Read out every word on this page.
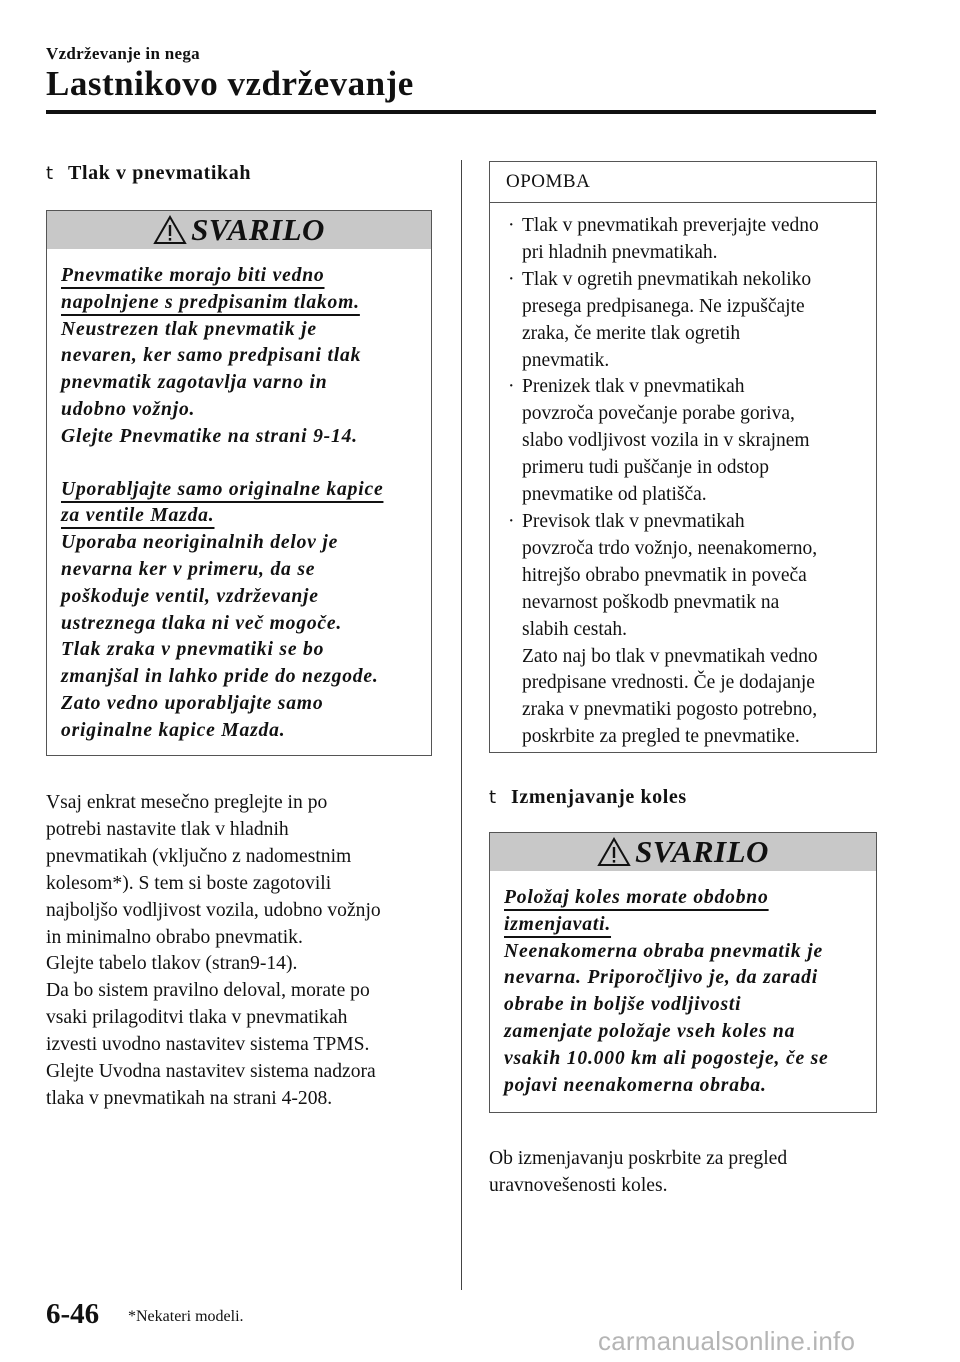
Vzdrževanje in nega
Lastnikovo vzdrževanje
t Tlak v pnevmatikah
SVARILO
Pnevmatike morajo biti vedno
napolnjene s predpisanim tlakom.
Neustrezen tlak pnevmatik je
nevaren, ker samo predpisani tlak
pnevmatik zagotavlja varno in
udobno vožnjo.
Glejte Pnevmatike na strani 9-14.
Uporabljajte samo originalne kapice
za ventile Mazda.
Uporaba neoriginalnih delov je
nevarna ker v primeru, da se
poškoduje ventil, vzdrževanje
ustreznega tlaka ni več mogoče.
Tlak zraka v pnevmatiki se bo
zmanjšal in lahko pride do nezgode.
Zato vedno uporabljajte samo
originalne kapice Mazda.
Vsaj enkrat mesečno preglejte in po
potrebi nastavite tlak v hladnih
pnevmatikah (vključno z nadomestnim
kolesom*). S tem si boste zagotovili
najboljšo vodljivost vozila, udobno vožnjo
in minimalno obrabo pnevmatik.
Glejte tabelo tlakov (stran9-14).
Da bo sistem pravilno deloval, morate po
vsaki prilagoditvi tlaka v pnevmatikah
izvesti uvodno nastavitev sistema TPMS.
Glejte Uvodna nastavitev sistema nadzora
tlaka v pnevmatikah na strani 4-208.
OPOMBA
· Tlak v pnevmatikah preverjajte vedno
pri hladnih pnevmatikah.
· Tlak v ogretih pnevmatikah nekoliko
presega predpisanega. Ne izpuščajte
zraka, če merite tlak ogretih
pnevmatik.
· Prenizek tlak v pnevmatikah
povzroča povečanje porabe goriva,
slabo vodljivost vozila in v skrajnem
primeru tudi puščanje in odstop
pnevmatike od platišča.
· Previsok tlak v pnevmatikah
povzroča trdo vožnjo, neenakomerno,
hitrejšo obrabo pnevmatik in poveča
nevarnost poškodb pnevmatik na
slabih cestah.
Zato naj bo tlak v pnevmatikah vedno
predpisane vrednosti. Če je dodajanje
zraka v pnevmatiki pogosto potrebno,
poskrbite za pregled te pnevmatike.
t Izmenjavanje koles
SVARILO
Položaj koles morate obdobno
izmenjavati.
Neenakomerna obraba pnevmatik je
nevarna. Priporočljivo je, da zaradi
obrabe in boljše vodljivosti
zamenjate položaje vseh koles na
vsakih 10.000 km ali pogosteje, če se
pojavi neenakomerna obraba.
Ob izmenjavanju poskrbite za pregled
uravnovešenosti koles.
6-46 *Nekateri modeli.
carmanualsonline.info
